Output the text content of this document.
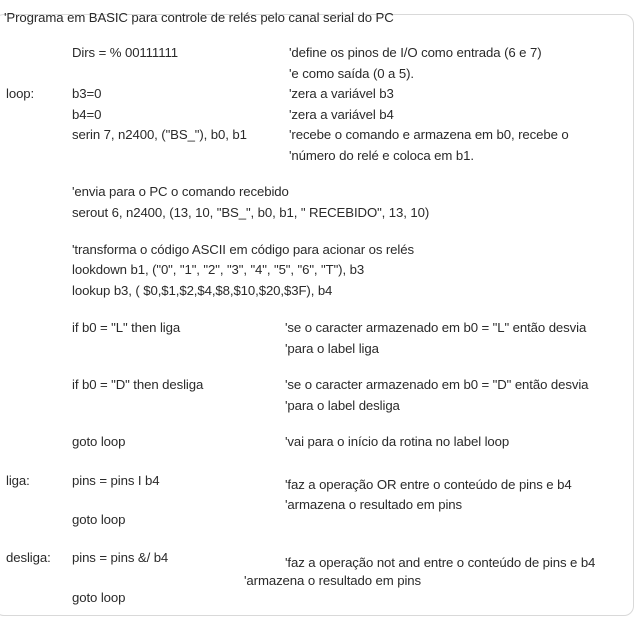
'Programa em BASIC para controle de relés pelo canal serial do PC
Dirs = % 00111111	'define os pinos de I/O como entrada (6 e 7)
'e como saída (0 a 5).
loop:	b3=0	'zera a variável b3
b4=0	'zera a variável b4
serin 7, n2400, ("BS_"), b0, b1	'recebe o comando e armazena em b0, recebe o
'número do relé e coloca em b1.
'envia para o PC o comando recebido
serout 6, n2400, (13, 10, "BS_", b0, b1, " RECEBIDO", 13, 10)
'transforma o código ASCII em código para acionar os relés
lookdown b1, ("0", "1", "2", "3", "4", "5", "6", "T"), b3
lookup b3, ( $0,$1,$2,$4,$8,$10,$20,$3F), b4
if b0 = "L" then liga	'se o caracter armazenado em b0 = "L" então desvia
'para o label liga
if b0 = "D" then desliga	'se o caracter armazenado em b0 = "D" então desvia
'para o label desliga
goto loop	'vai para o início da rotina no label loop
liga:	pins = pins I b4	'faz a operação OR entre o conteúdo de pins e b4
'armazena o resultado em pins
goto loop
desliga: pins = pins &/ b4	'faz a operação not and entre o conteúdo de pins e b4
'armazena o resultado em pins
goto loop
